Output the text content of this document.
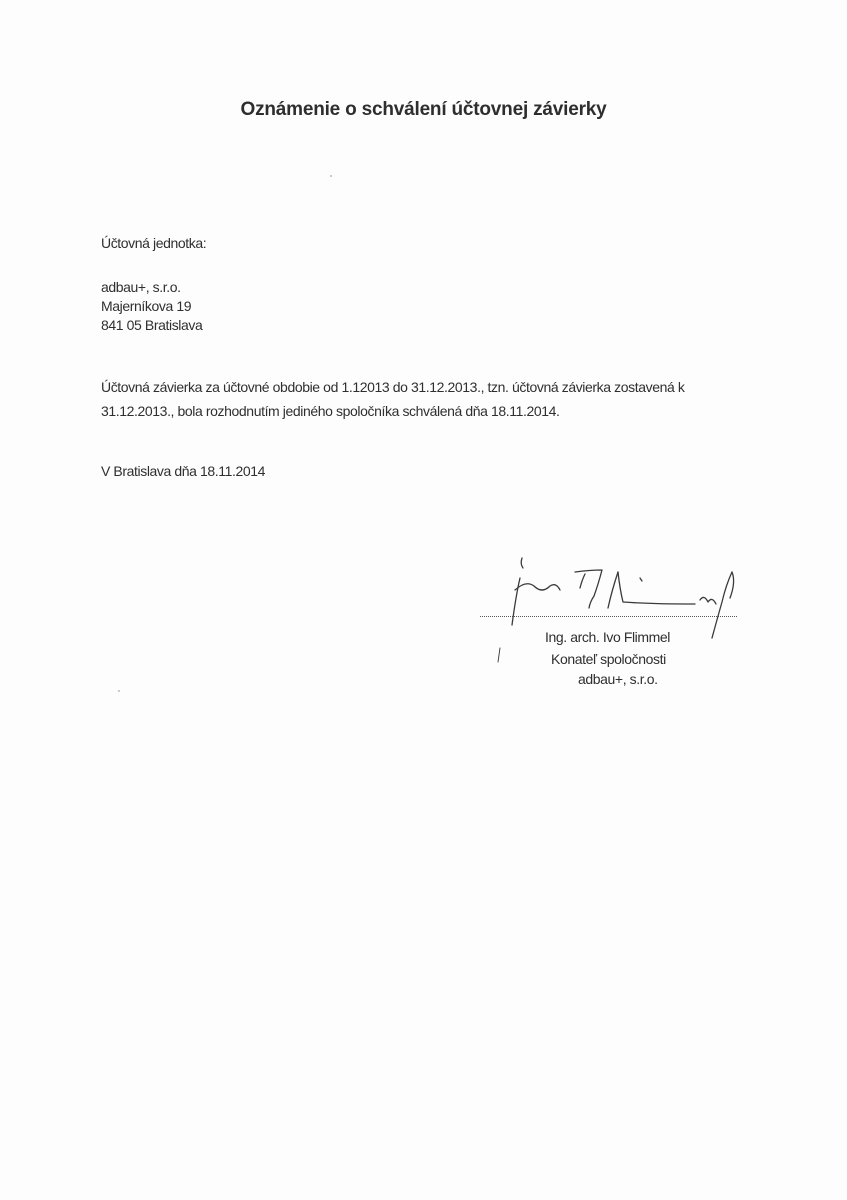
Oznámenie o schválení účtovnej závierky
Účtovná jednotka:
adbau+, s.r.o.
Majerníkova 19
841 05 Bratislava
Účtovná závierka za účtovné obdobie od 1.12013 do 31.12.2013., tzn. účtovná závierka zostavená k
31.12.2013., bola rozhodnutím jediného spoločníka schválená dňa 18.11.2014.
V Bratislava dňa 18.11.2014
Ing. arch. Ivo Flimmel
Konateľ spoločnosti
adbau+, s.r.o.
